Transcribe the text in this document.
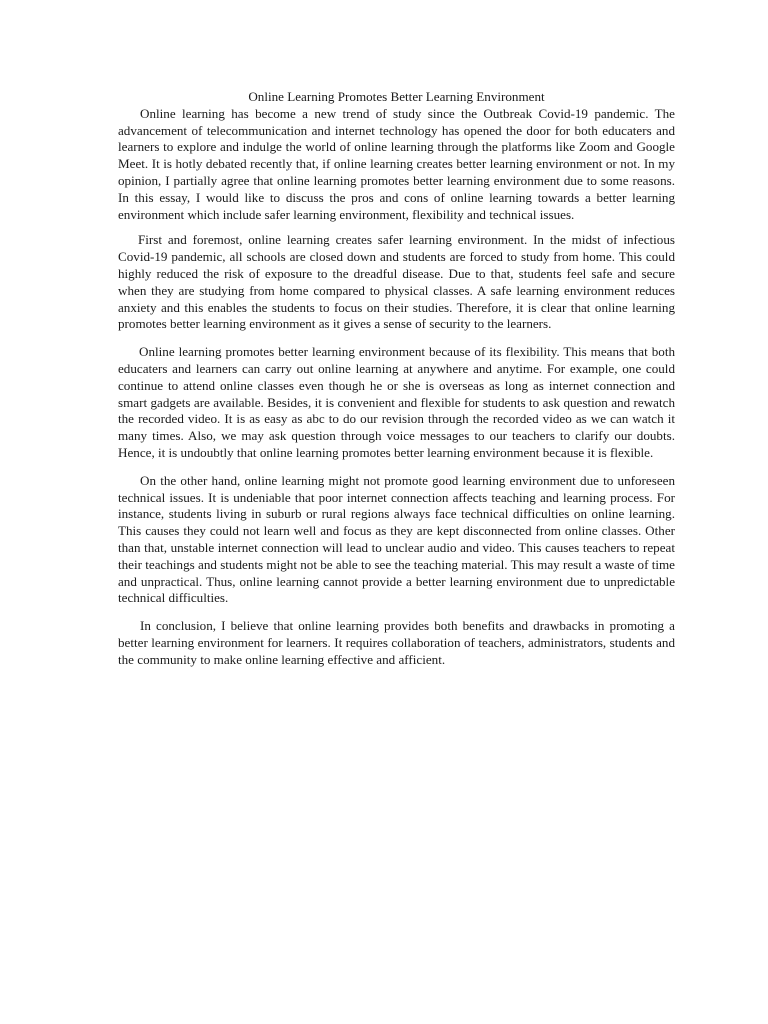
Online Learning Promotes Better Learning Environment

Online learning has become a new trend of study since the Outbreak Covid-19 pandemic. The advancement of telecommunication and internet technology has opened the door for both educaters and learners to explore and indulge the world of online learning through the platforms like Zoom and Google Meet. It is hotly debated recently that, if online learning creates better learning environment or not. In my opinion, I partially agree that online learning promotes better learning environment due to some reasons. In this essay, I would like to discuss the pros and cons of online learning towards a better learning environment which include safer learning environment, flexibility and technical issues.

First and foremost, online learning creates safer learning environment. In the midst of infectious Covid-19 pandemic, all schools are closed down and students are forced to study from home. This could highly reduced the risk of exposure to the dreadful disease. Due to that, students feel safe and secure when they are studying from home compared to physical classes. A safe learning environment reduces anxiety and this enables the students to focus on their studies. Therefore, it is clear that online learning promotes better learning environment as it gives a sense of security to the learners.

Online learning promotes better learning environment because of its flexibility. This means that both educaters and learners can carry out online learning at anywhere and anytime. For example, one could continue to attend online classes even though he or she is overseas as long as internet connection and smart gadgets are available. Besides, it is convenient and flexible for students to ask question and rewatch the recorded video. It is as easy as abc to do our revision through the recorded video as we can watch it many times. Also, we may ask question through voice messages to our teachers to clarify our doubts. Hence, it is undoubtly that online learning promotes better learning environment because it is flexible.

On the other hand, online learning might not promote good learning environment due to unforeseen technical issues. It is undeniable that poor internet connection affects teaching and learning process. For instance, students living in suburb or rural regions always face technical difficulties on online learning. This causes they could not learn well and focus as they are kept disconnected from online classes. Other than that, unstable internet connection will lead to unclear audio and video. This causes teachers to repeat their teachings and students might not be able to see the teaching material. This may result a waste of time and unpractical. Thus, online learning cannot provide a better learning environment due to unpredictable technical difficulties.

In conclusion, I believe that online learning provides both benefits and drawbacks in promoting a better learning environment for learners. It requires collaboration of teachers, administrators, students and the community to make online learning effective and afficient.
